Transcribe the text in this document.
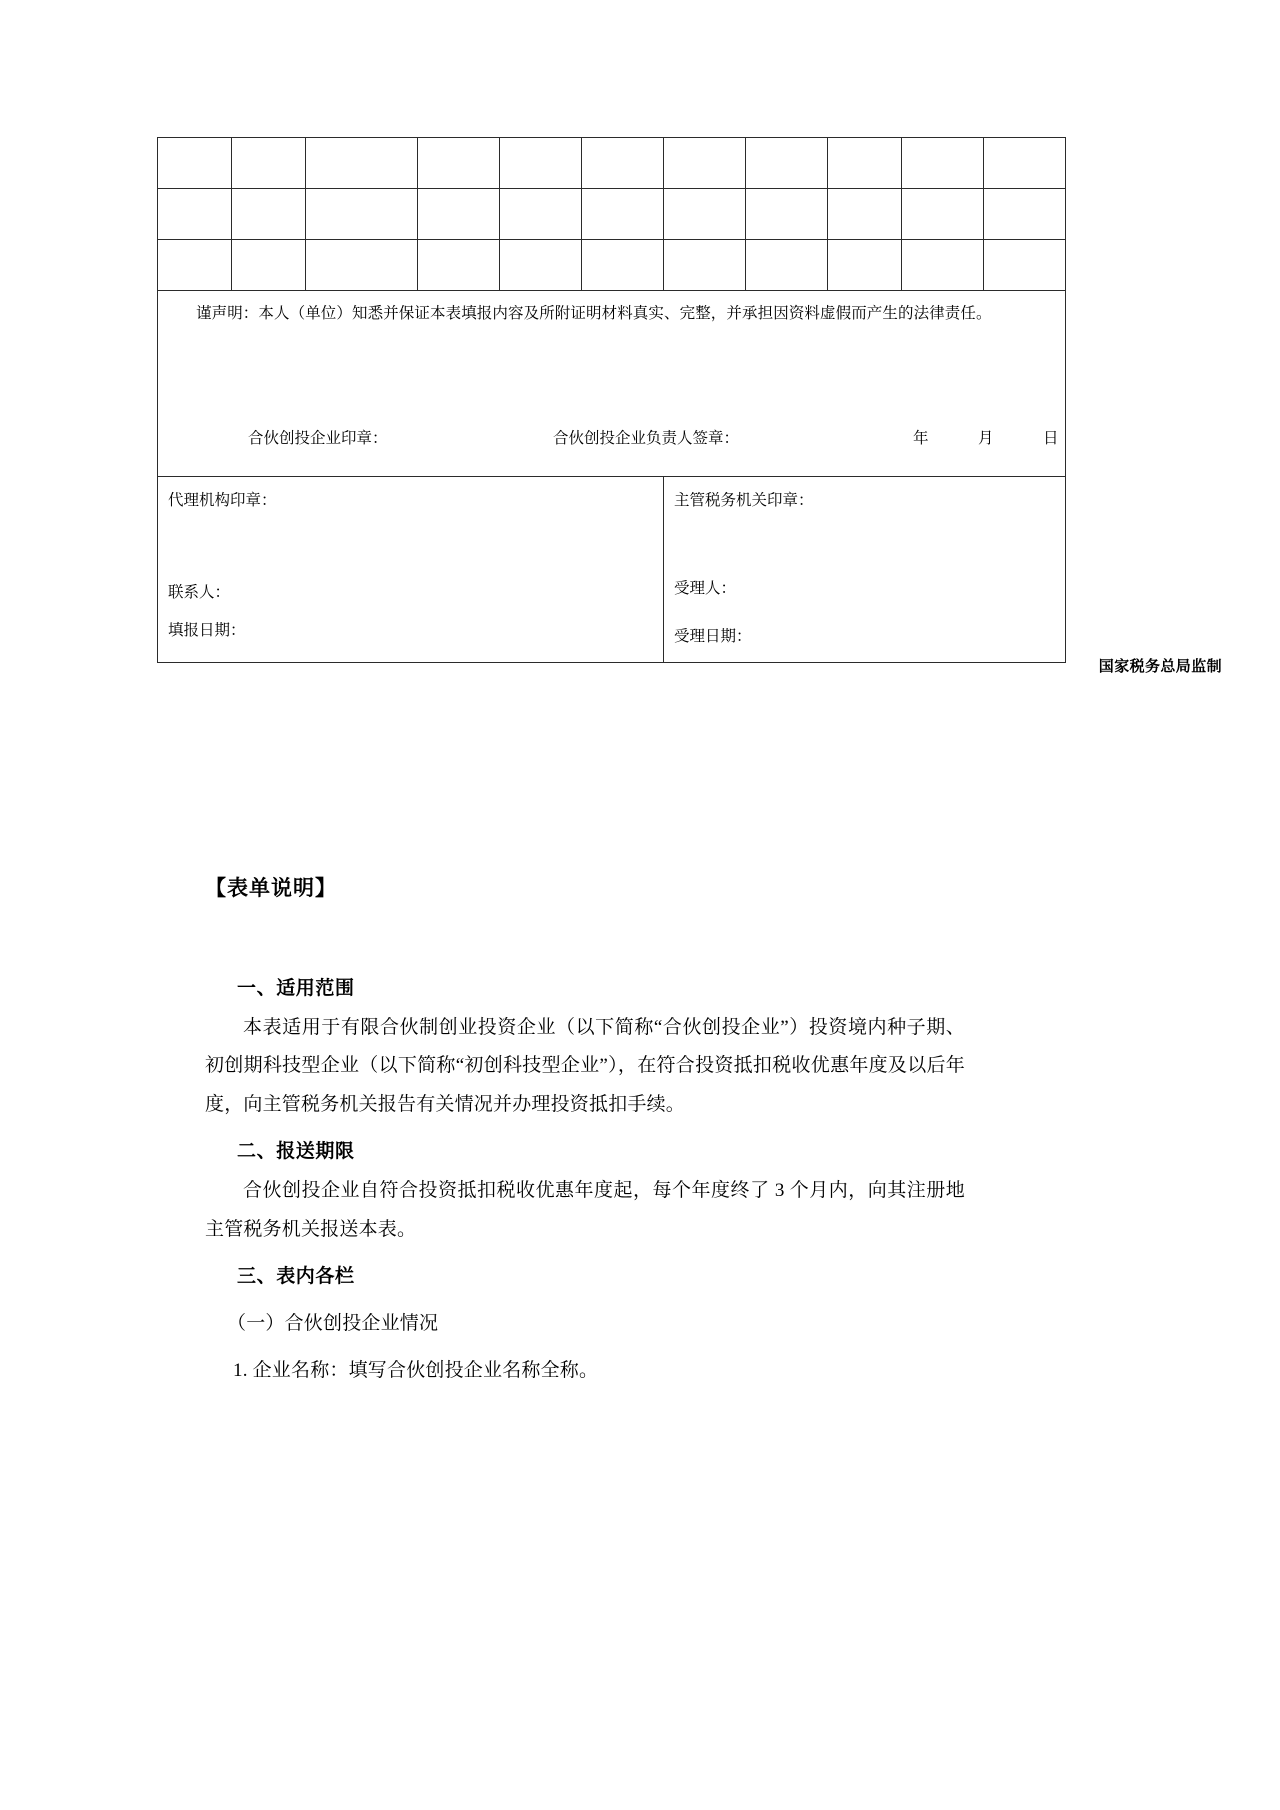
谨声明：本人（单位）知悉并保证本表填报内容及所附证明材料真实、完整，并承担因资料虚假而产生的法律责任。
合伙创投企业印章：	合伙创投企业负责人签章：	年	月	日

代理机构印章：
联系人：
填报日期：

主管税务机关印章：
受理人：
受理日期：
国家税务总局监制
【表单说明】
一、适用范围
本表适用于有限合伙制创业投资企业（以下简称“合伙创投企业”）投资境内种子期、初创期科技型企业（以下简称“初创科技型企业”），在符合投资抵扣税收优惠年度及以后年度，向主管税务机关报告有关情况并办理投资抵扣手续。
二、报送期限
合伙创投企业自符合投资抵扣税收优惠年度起，每个年度终了 3 个月内，向其注册地主管税务机关报送本表。
三、表内各栏
（一）合伙创投企业情况
1. 企业名称：填写合伙创投企业名称全称。
